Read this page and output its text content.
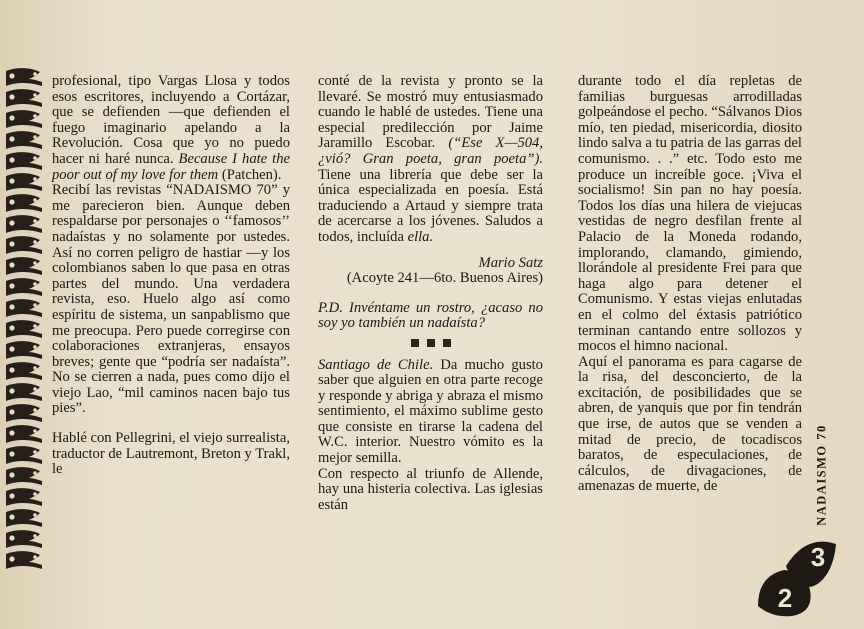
profesional, tipo Vargas Llosa y todos esos escritores, incluyendo a Cortázar, que se defienden —que defienden el fuego imaginario apelando a la Revolución. Cosa que yo no puedo hacer ni haré nunca. Because I hate the poor out of my love for them (Patchen).

Recibí las revistas “NADAISMO 70” y me parecieron bien. Aunque deben respaldarse por personajes o ‘‘famosos’’ nadaístas y no solamente por ustedes. Así no corren peligro de hastiar —y los colombianos saben lo que pasa en otras partes del mundo. Una verdadera revista, eso. Huelo algo así como espíritu de sistema, un sanpablismo que me preocupa. Pero puede corregirse con colaboraciones extranjeras, ensayos breves; gente que “podría ser nadaísta”. No se cierren a nada, pues como dijo el viejo Lao, “mil caminos nacen bajo tus pies”.

Hablé con Pellegrini, el viejo surrealista, traductor de Lautremont, Breton y Trakl, le

conté de la revista y pronto se la llevaré. Se mostró muy entusiasmado cuando le hablé de ustedes. Tiene una especial predilección por Jaime Jaramillo Escobar. (“Ese X—504, ¿vió? Gran poeta, gran poeta”). Tiene una librería que debe ser la única especializada en poesía. Está traduciendo a Artaud y siempre trata de acercarse a los jóvenes. Saludos a todos, incluída ella.

Mario Satz

(Acoyte 241—6to. Buenos Aires)

P.D. Invéntame un rostro, ¿acaso no soy yo también un nadaísta?

Santiago de Chile. Da mucho gusto saber que alguien en otra parte recoge y responde y abriga y abraza el mismo sentimiento, el máximo sublime gesto que consiste en tirarse la cadena del W.C. interior. Nuestro vómito es la mejor semilla.

Con respecto al triunfo de Allende, hay una histeria colectiva. Las iglesias están

durante todo el día repletas de familias burguesas arrodilladas golpeándose el pecho. “Sálvanos Dios mío, ten piedad, misericordia, diosito lindo salva a tu patria de las garras del comunismo. . .” etc. Todo esto me produce un increíble goce. ¡Viva el socialismo! Sin pan no hay poesía. Todos los días una hilera de viejucas vestidas de negro desfilan frente al Palacio de la Moneda rodando, implorando, clamando, gimiendo, llorándole al presidente Frei para que haga algo para detener el Comunismo. Y estas viejas enlutadas en el colmo del éxtasis patriótico terminan cantando entre sollozos y mocos el himno nacional.

Aquí el panorama es para cagarse de la risa, del desconcierto, de la excitación, de posibilidades que se abren, de yanquis que por fin tendrán que irse, de autos que se venden a mitad de precio, de tocadiscos baratos, de especulaciones, de cálculos, de divagaciones, de amenazas de muerte, de	NADAISMO 70
3
2
